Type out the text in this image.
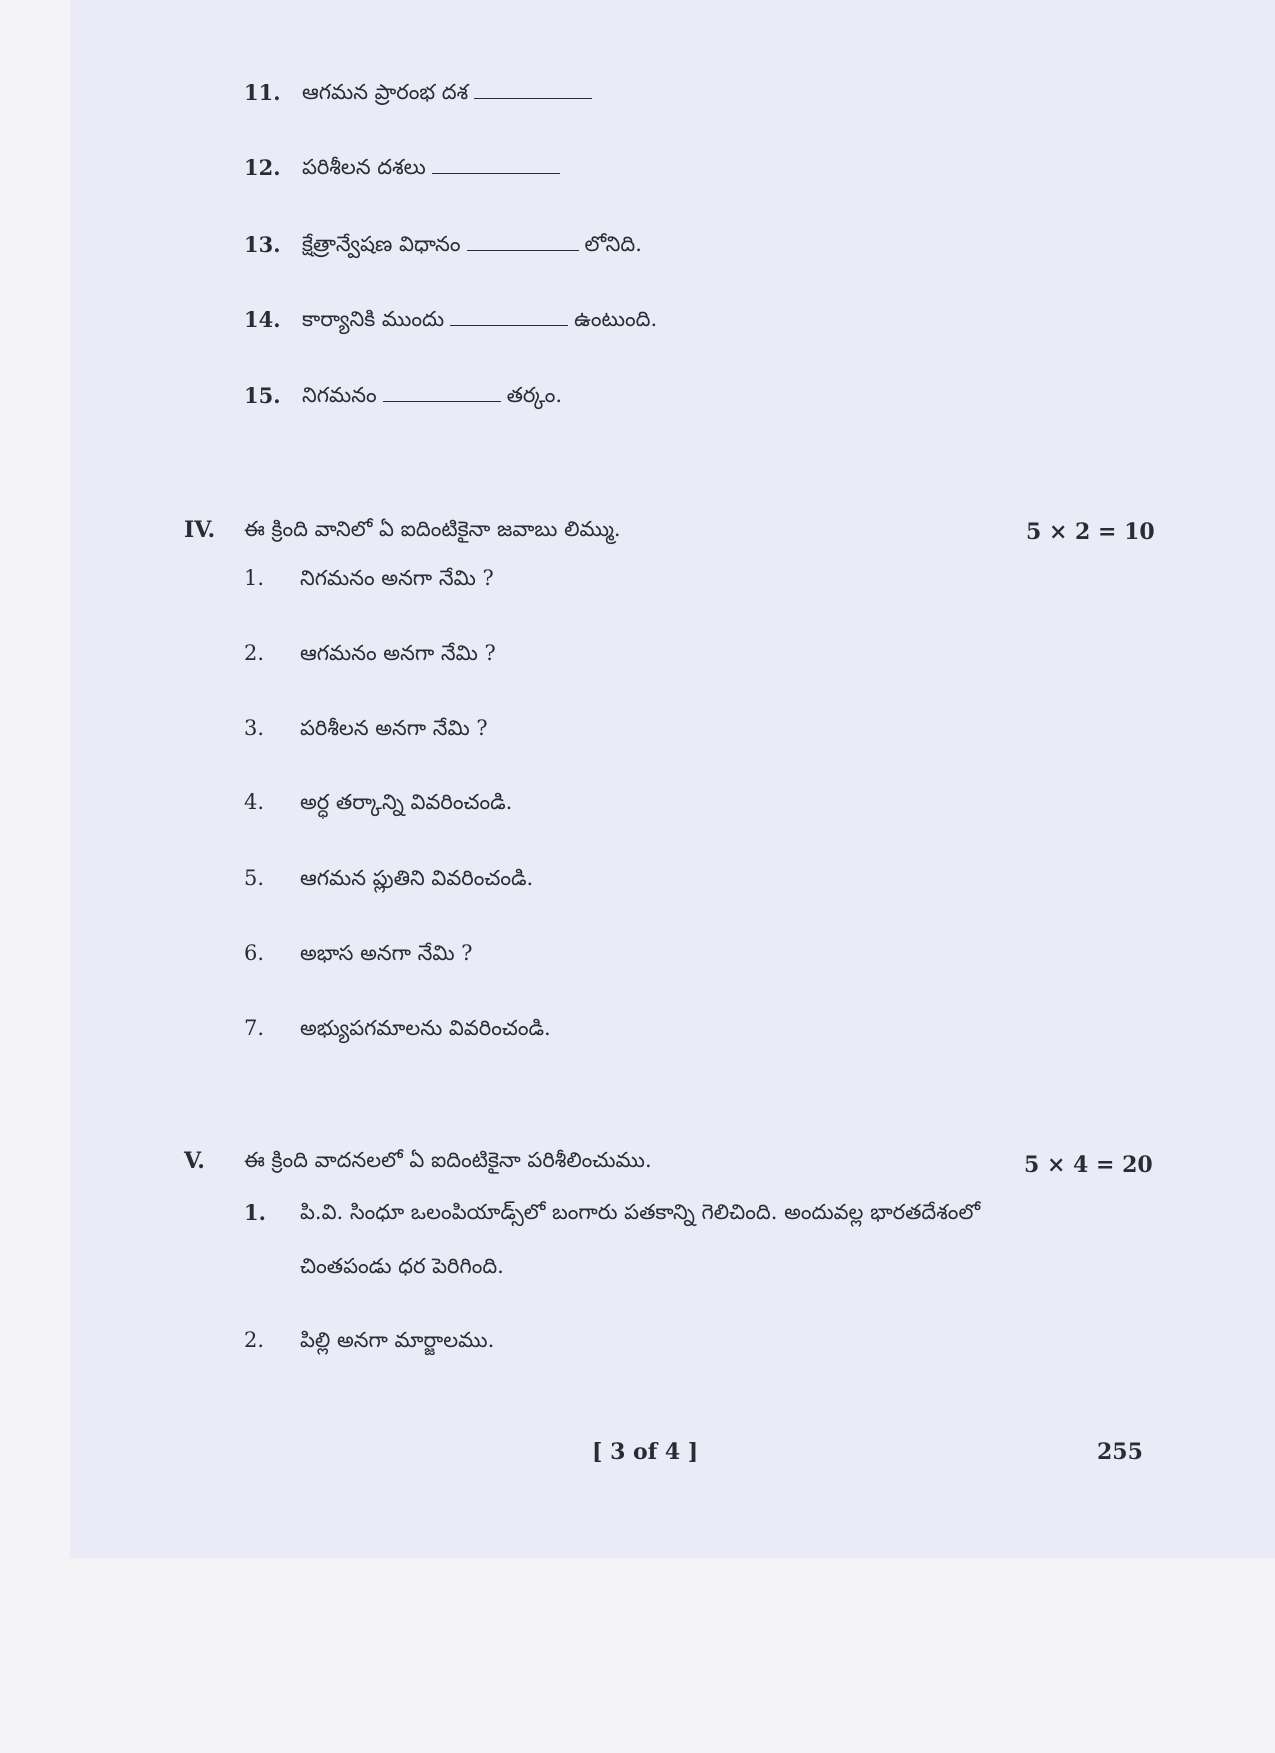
11. ఆగమన ప్రారంభ దశ
12. పరిశీలన దశలు
13. క్షేత్రాన్వేషణ విధానం	లోనిది.
14. కార్యానికి ముందు	ఉంటుంది.
15. నిగమనం	తర్కం.
IV. ఈ క్రింది వానిలో ఏ ఐదింటికైనా జవాబు లిమ్ము.	5 × 2 = 10
1. నిగమనం అనగా నేమి ?
2. ఆగమనం అనగా నేమి ?
3. పరిశీలన అనగా నేమి ?
4. అర్ధ తర్కాన్ని వివరించండి.
5. ఆగమన ప్లుతిని వివరించండి.
6. అభాస అనగా నేమి ?
7. అభ్యుపగమాలను వివరించండి.
V. ఈ క్రింది వాదనలలో ఏ ఐదింటికైనా పరిశీలించుము.	5 × 4 = 20
1. పి.వి. సింధూ ఒలంపియాడ్స్‌లో బంగారు పతకాన్ని గెలిచింది. అందువల్ల భారతదేశంలో
చింతపండు ధర పెరిగింది.
2. పిల్లి అనగా మార్జాలము.
[ 3 of 4 ]	255
